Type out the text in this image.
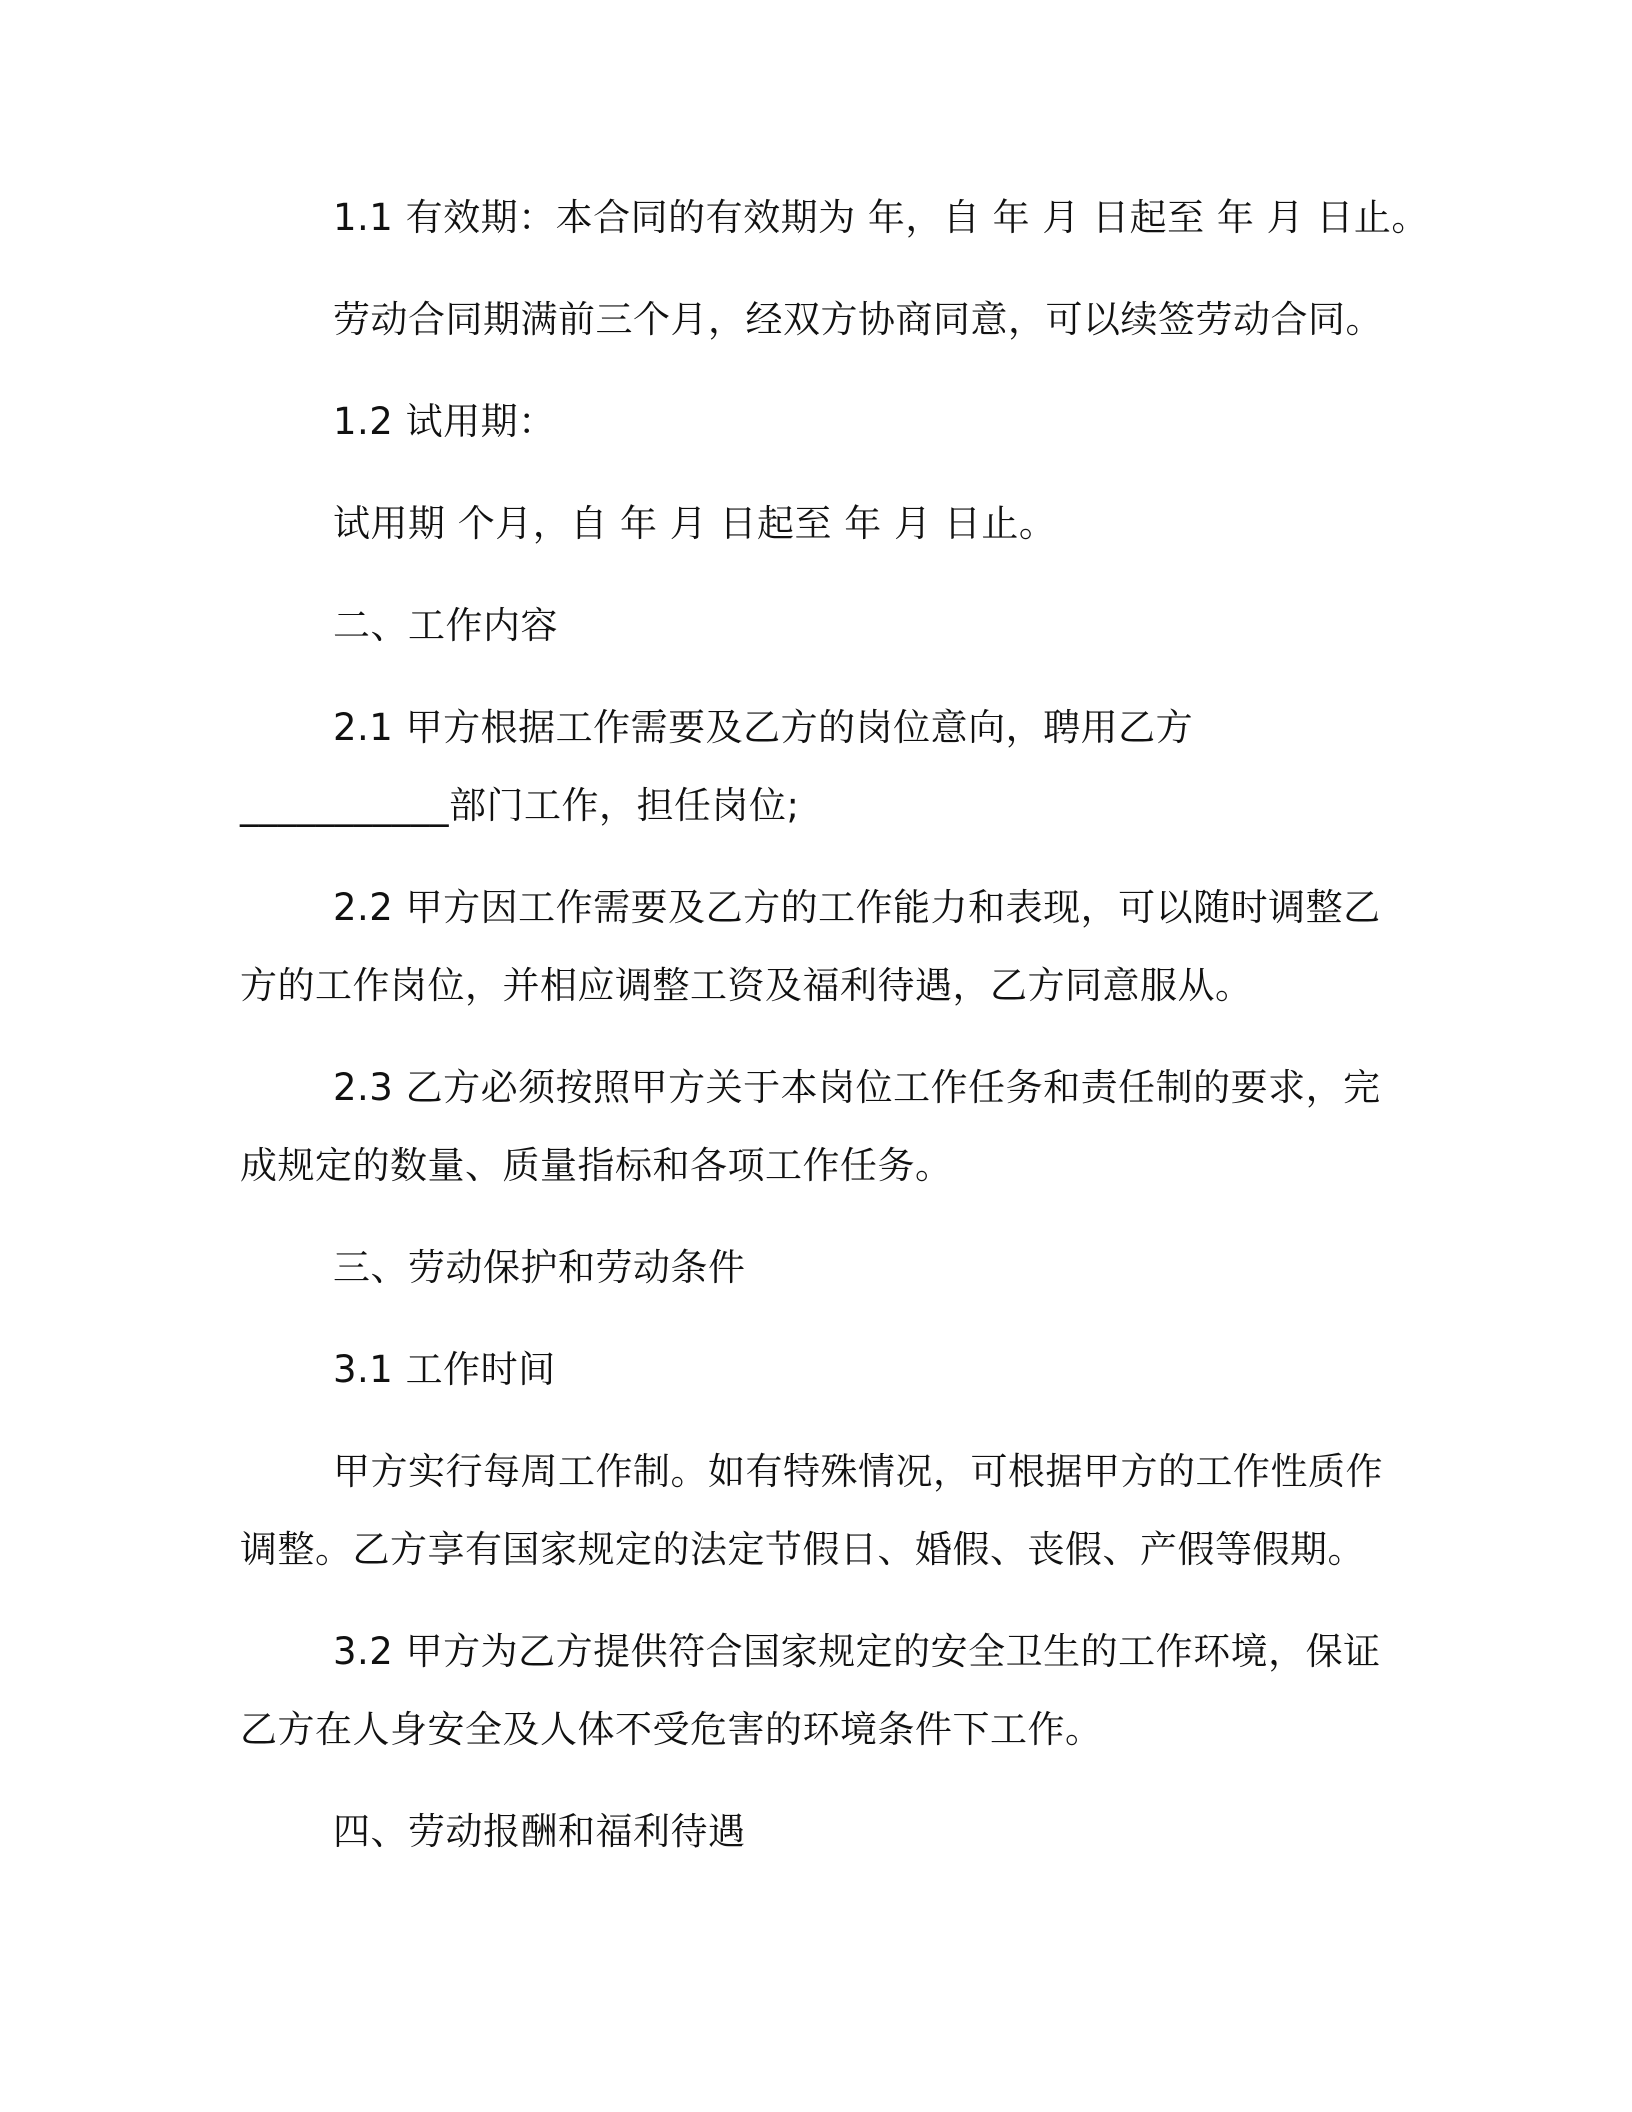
1.1 有效期：本合同的有效期为 年，自 年 月 日起至 年 月 日止。
劳动合同期满前三个月，经双方协商同意，可以续签劳动合同。
1.2 试用期：
试用期 个月，自 年 月 日起至 年 月 日止。
二、工作内容
2.1 甲方根据工作需要及乙方的岗位意向，聘用乙方
___________部门工作，担任岗位;
2.2 甲方因工作需要及乙方的工作能力和表现，可以随时调整乙
方的工作岗位，并相应调整工资及福利待遇，乙方同意服从。
2.3 乙方必须按照甲方关于本岗位工作任务和责任制的要求，完
成规定的数量、质量指标和各项工作任务。
三、劳动保护和劳动条件
3.1 工作时间
甲方实行每周工作制。如有特殊情况，可根据甲方的工作性质作
调整。乙方享有国家规定的法定节假日、婚假、丧假、产假等假期。
3.2 甲方为乙方提供符合国家规定的安全卫生的工作环境，保证
乙方在人身安全及人体不受危害的环境条件下工作。
四、劳动报酬和福利待遇
